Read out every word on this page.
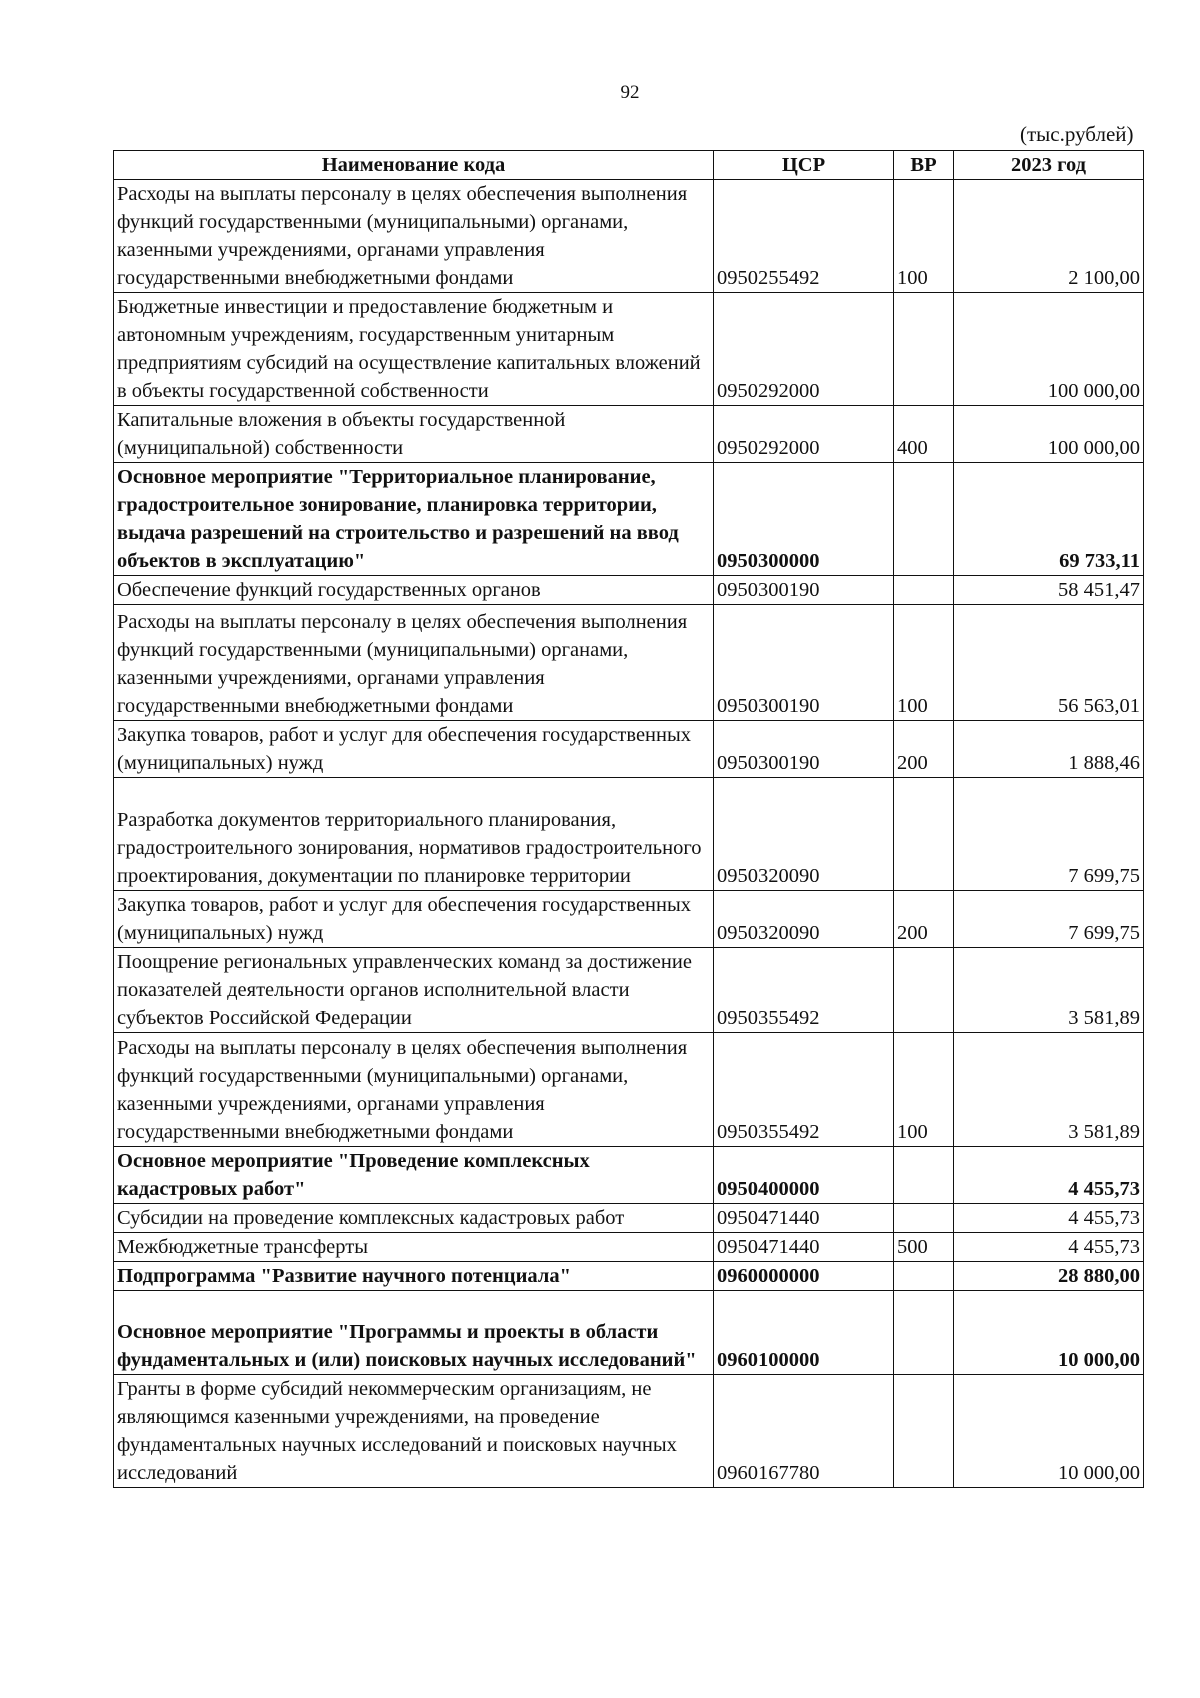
92
(тыс.рублей)
Наименование кода	ЦСР	ВР	2023 год
Расходы на выплаты персоналу в целях обеспечения выполнения функций государственными (муниципальными) органами, казенными учреждениями, органами управления государственными внебюджетными фондами	0950255492	100	2 100,00
Бюджетные инвестиции и предоставление бюджетным и автономным учреждениям, государственным унитарным предприятиям субсидий на осуществление капитальных вложений в объекты государственной собственности	0950292000		100 000,00
Капитальные вложения в объекты государственной (муниципальной) собственности	0950292000	400	100 000,00
Основное мероприятие "Территориальное планирование, градостроительное зонирование, планировка территории, выдача разрешений на строительство и разрешений на ввод объектов в эксплуатацию"	0950300000		69 733,11
Обеспечение функций государственных органов	0950300190		58 451,47
Расходы на выплаты персоналу в целях обеспечения выполнения функций государственными (муниципальными) органами, казенными учреждениями, органами управления государственными внебюджетными фондами	0950300190	100	56 563,01
Закупка товаров, работ и услуг для обеспечения государственных (муниципальных) нужд	0950300190	200	1 888,46
Разработка документов территориального планирования, градостроительного зонирования, нормативов градостроительного проектирования, документации по планировке территории	0950320090		7 699,75
Закупка товаров, работ и услуг для обеспечения государственных (муниципальных) нужд	0950320090	200	7 699,75
Поощрение региональных управленческих команд за достижение показателей деятельности органов исполнительной власти субъектов Российской Федерации	0950355492		3 581,89
Расходы на выплаты персоналу в целях обеспечения выполнения функций государственными (муниципальными) органами, казенными учреждениями, органами управления государственными внебюджетными фондами	0950355492	100	3 581,89
Основное мероприятие "Проведение комплексных кадастровых работ"	0950400000		4 455,73
Субсидии на проведение комплексных кадастровых работ	0950471440		4 455,73
Межбюджетные трансферты	0950471440	500	4 455,73
Подпрограмма "Развитие научного потенциала"	0960000000		28 880,00
Основное мероприятие "Программы и проекты в области фундаментальных и (или) поисковых научных исследований"	0960100000		10 000,00
Гранты в форме субсидий некоммерческим организациям, не являющимся казенными учреждениями, на проведение фундаментальных научных исследований и поисковых научных исследований	0960167780		10 000,00
